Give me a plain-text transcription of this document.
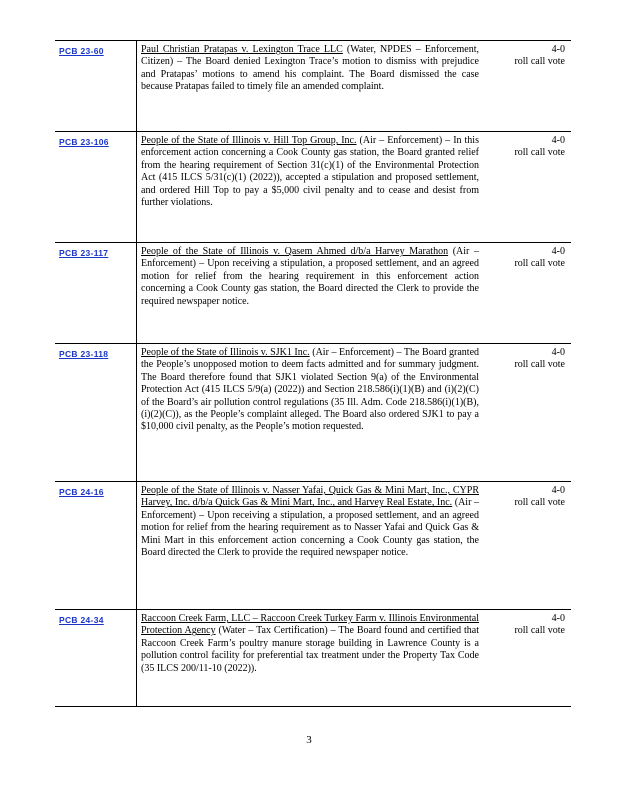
PCB 23-60	Paul Christian Pratapas v. Lexington Trace LLC (Water, NPDES – Enforcement, Citizen) – The Board denied Lexington Trace’s motion to dismiss with prejudice and Pratapas’ motions to amend his complaint. The Board dismissed the case because Pratapas failed to timely file an amended complaint.
4-0
roll call vote
PCB 23-106	People of the State of Illinois v. Hill Top Group, Inc. (Air – Enforcement) – In this enforcement action concerning a Cook County gas station, the Board granted relief from the hearing requirement of Section 31(c)(1) of the Environmental Protection Act (415 ILCS 5/31(c)(1) (2022)), accepted a stipulation and proposed settlement, and ordered Hill Top to pay a $5,000 civil penalty and to cease and desist from further violations.
4-0
roll call vote
PCB 23-117	People of the State of Illinois v. Qasem Ahmed d/b/a Harvey Marathon (Air – Enforcement) – Upon receiving a stipulation, a proposed settlement, and an agreed motion for relief from the hearing requirement in this enforcement action concerning a Cook County gas station, the Board directed the Clerk to provide the required newspaper notice.
4-0
roll call vote
PCB 23-118	People of the State of Illinois v. SJK1 Inc. (Air – Enforcement) – The Board granted the People’s unopposed motion to deem facts admitted and for summary judgment. The Board therefore found that SJK1 violated Section 9(a) of the Environmental Protection Act (415 ILCS 5/9(a) (2022)) and Section 218.586(i)(1)(B) and (i)(2)(C) of the Board’s air pollution control regulations (35 Ill. Adm. Code 218.586(i)(1)(B),(i)(2)(C)), as the People’s complaint alleged. The Board also ordered SJK1 to pay a $10,000 civil penalty, as the People’s motion requested.
4-0
roll call vote
PCB 24-16	People of the State of Illinois v. Nasser Yafai, Quick Gas & Mini Mart, Inc., CYPR Harvey, Inc. d/b/a Quick Gas & Mini Mart, Inc., and Harvey Real Estate, Inc. (Air – Enforcement) – Upon receiving a stipulation, a proposed settlement, and an agreed motion for relief from the hearing requirement as to Nasser Yafai and Quick Gas & Mini Mart in this enforcement action concerning a Cook County gas station, the Board directed the Clerk to provide the required newspaper notice.
4-0
roll call vote
PCB 24-34	Raccoon Creek Farm, LLC – Raccoon Creek Turkey Farm v. Illinois Environmental Protection Agency (Water – Tax Certification) – The Board found and certified that Raccoon Creek Farm’s poultry manure storage building in Lawrence County is a pollution control facility for preferential tax treatment under the Property Tax Code (35 ILCS 200/11-10 (2022)).
4-0
roll call vote
3
